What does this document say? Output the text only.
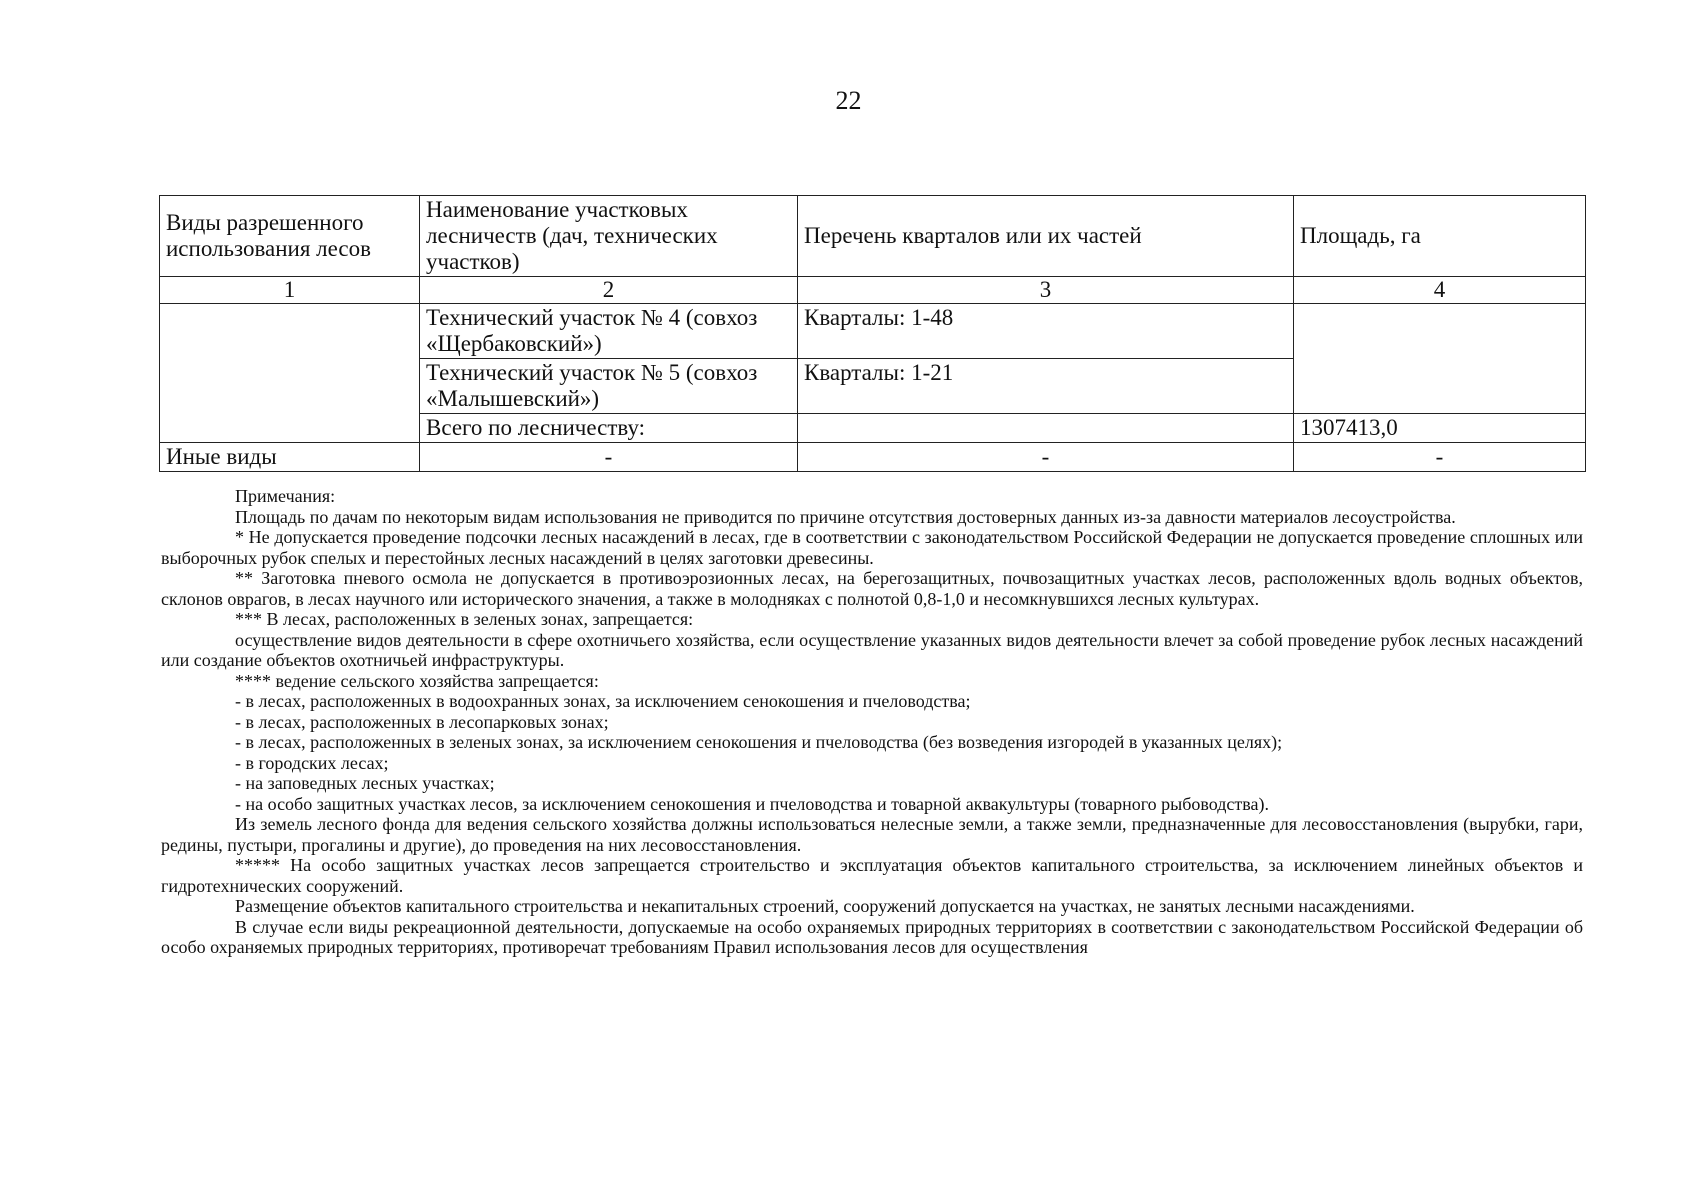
22
Виды разрешенного использования лесов	Наименование участковых лесничеств (дач, технических участков)	Перечень кварталов или их частей	Площадь, га
1	2	3	4
	Технический участок № 4 (совхоз «Щербаковский»)	Кварталы: 1-48	
	Технический участок № 5 (совхоз «Малышевский»)	Кварталы: 1-21	
	Всего по лесничеству:		1307413,0
Иные виды	-	-	-

Примечания:

Площадь по дачам по некоторым видам использования не приводится по причине отсутствия достоверных данных из-за давности материалов лесоустройства.

* Не допускается проведение подсочки лесных насаждений в лесах, где в соответствии с законодательством Российской Федерации не допускается проведение сплошных или выборочных рубок спелых и перестойных лесных насаждений в целях заготовки древесины.

** Заготовка пневого осмола не допускается в противоэрозионных лесах, на берегозащитных, почвозащитных участках лесов, расположенных вдоль водных объектов, склонов оврагов, в лесах научного или исторического значения, а также в молодняках с полнотой 0,8-1,0 и несомкнувшихся лесных культурах.

*** В лесах, расположенных в зеленых зонах, запрещается:

осуществление видов деятельности в сфере охотничьего хозяйства, если осуществление указанных видов деятельности влечет за собой проведение рубок лесных насаждений или создание объектов охотничьей инфраструктуры.

**** ведение сельского хозяйства запрещается:

- в лесах, расположенных в водоохранных зонах, за исключением сенокошения и пчеловодства;

- в лесах, расположенных в лесопарковых зонах;

- в лесах, расположенных в зеленых зонах, за исключением сенокошения и пчеловодства (без возведения изгородей в указанных целях);

- в городских лесах;

- на заповедных лесных участках;

- на особо защитных участках лесов, за исключением сенокошения и пчеловодства и товарной аквакультуры (товарного рыбоводства).

Из земель лесного фонда для ведения сельского хозяйства должны использоваться нелесные земли, а также земли, предназначенные для лесовосстановления (вырубки, гари, редины, пустыри, прогалины и другие), до проведения на них лесовосстановления.

***** На особо защитных участках лесов запрещается строительство и эксплуатация объектов капитального строительства, за исключением линейных объектов и гидротехнических сооружений.

Размещение объектов капитального строительства и некапитальных строений, сооружений допускается на участках, не занятых лесными насаждениями.

В случае если виды рекреационной деятельности, допускаемые на особо охраняемых природных территориях в соответствии с законодательством Российской Федерации об особо охраняемых природных территориях, противоречат требованиям Правил использования лесов для осуществления
